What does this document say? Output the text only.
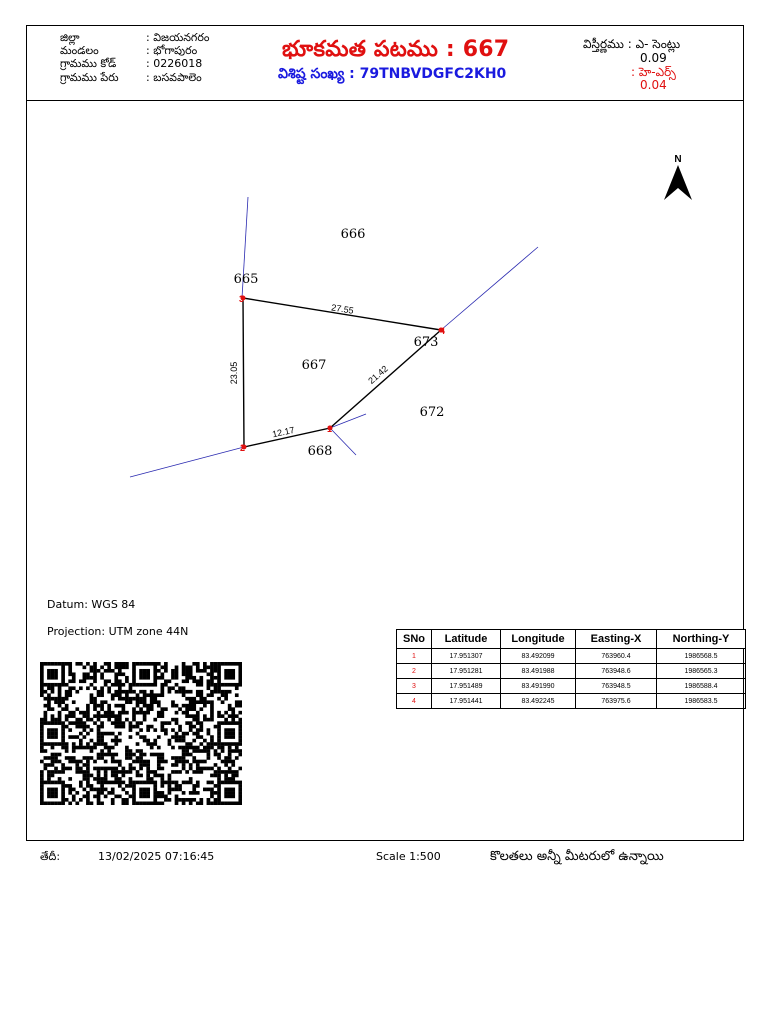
జిల్లా	: విజయనగరం
మండలం	: భోగాపురం
గ్రామము కోడ్	: 0226018
గ్రామము పేరు	: బసవపాలెం
భూకమత పటము : 667
విశిష్ట సంఖ్య : 79TNBVDGFC2KH0
విస్తీర్ణము : ఎ- సెంట్లు
0.09
: హె-ఎర్స్
0.04
N
1
2
3
4
27.55
23.05	21.42
12.17
666
665
667
673
672
668
Datum: WGS 84
Projection: UTM zone 44N
SNo	Latitude	Longitude	Easting-X	Northing-Y
1	17.951307	83.492099	763960.4	1986568.5
2	17.951281	83.491988	763948.6	1986565.3
3	17.951489	83.491990	763948.5	1986588.4
4	17.951441	83.492245	763975.6	1986583.5
తేదీ:	13/02/2025 07:16:45	Scale 1:500	కొలతలు అన్నీ మీటరులో ఉన్నాయి
